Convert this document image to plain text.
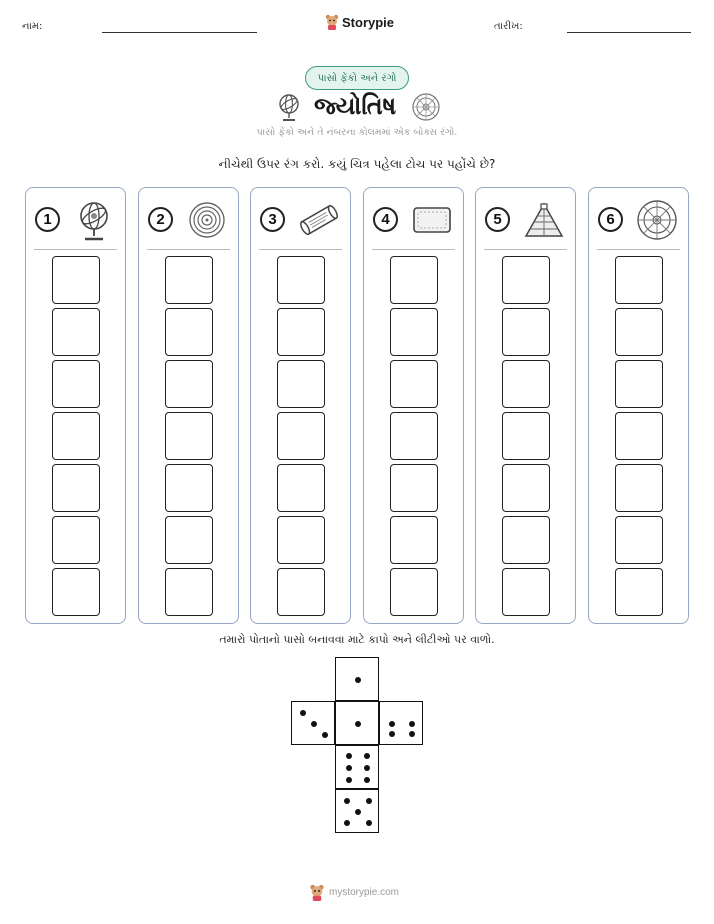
નામ:	Storypie	તારીખ:
પાસો ફેંકો અને રંગો
જ્યોતિષ
પાસો ફેંકો અને તે નંબરના કોલમમાં એક બોક્સ રંગો.
નીચેથી ઉપર રંગ કરો. કયું ચિત્ર પહેલા ટોચ પર પહોંચે છે?
1	2	3	4	5	6
તમારો પોતાનો પાસો બનાવવા માટે કાપો અને લીટીઓ પર વાળો.
mystorypie.com
